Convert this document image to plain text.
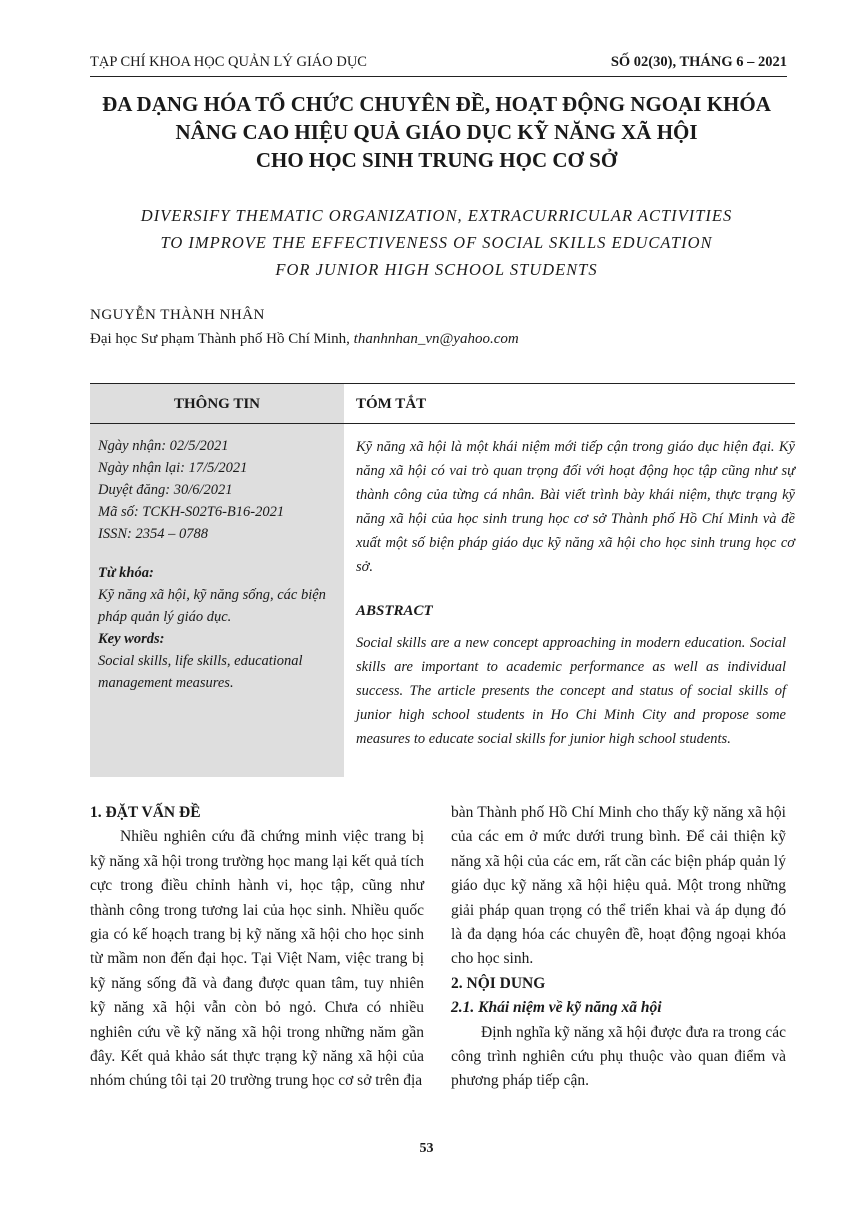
TẠP CHÍ KHOA HỌC QUẢN LÝ GIÁO DỤC	SỐ 02(30), THÁNG 6 – 2021
ĐA DẠNG HÓA TỔ CHỨC CHUYÊN ĐỀ, HOẠT ĐỘNG NGOẠI KHÓA
NÂNG CAO HIỆU QUẢ GIÁO DỤC KỸ NĂNG XÃ HỘI
CHO HỌC SINH TRUNG HỌC CƠ SỞ
DIVERSIFY THEMATIC ORGANIZATION, EXTRACURRICULAR ACTIVITIES
TO IMPROVE THE EFFECTIVENESS OF SOCIAL SKILLS EDUCATION
FOR JUNIOR HIGH SCHOOL STUDENTS
NGUYỄN THÀNH NHÂN
Đại học Sư phạm Thành phố Hồ Chí Minh, thanhnhan_vn@yahoo.com
THÔNG TIN	TÓM TẮT
Ngày nhận: 02/5/2021
Ngày nhận lại: 17/5/2021
Duyệt đăng: 30/6/2021
Mã số: TCKH-S02T6-B16-2021
ISSN: 2354 – 0788
Từ khóa:
Kỹ năng xã hội, kỹ năng sống, các biện pháp quản lý giáo dục.
Key words:
Social skills, life skills, educational management measures.
Kỹ năng xã hội là một khái niệm mới tiếp cận trong giáo dục hiện đại. Kỹ năng xã hội có vai trò quan trọng đối với hoạt động học tập cũng như sự thành công của từng cá nhân. Bài viết trình bày khái niệm, thực trạng kỹ năng xã hội của học sinh trung học cơ sở Thành phố Hồ Chí Minh và đề xuất một số biện pháp giáo dục kỹ năng xã hội cho học sinh trung học cơ sở.
ABSTRACT
Social skills are a new concept approaching in modern education. Social skills are important to academic performance as well as individual success. The article presents the concept and status of social skills of junior high school students in Ho Chi Minh City and propose some measures to educate social skills for junior high school students.

1. ĐẶT VẤN ĐỀ

Nhiều nghiên cứu đã chứng minh việc trang bị kỹ năng xã hội trong trường học mang lại kết quả tích cực trong điều chỉnh hành vi, học tập, cũng như thành công trong tương lai của học sinh. Nhiều quốc gia có kế hoạch trang bị kỹ năng xã hội cho học sinh từ mầm non đến đại học. Tại Việt Nam, việc trang bị kỹ năng sống đã và đang được quan tâm, tuy nhiên kỹ năng xã hội vẫn còn bỏ ngỏ. Chưa có nhiều nghiên cứu về kỹ năng xã hội trong những năm gần đây. Kết quả khảo sát thực trạng kỹ năng xã hội của nhóm chúng tôi tại 20 trường trung học cơ sở trên địa

bàn Thành phố Hồ Chí Minh cho thấy kỹ năng xã hội của các em ở mức dưới trung bình. Để cải thiện kỹ năng xã hội của các em, rất cần các biện pháp quản lý giáo dục kỹ năng xã hội hiệu quả. Một trong những giải pháp quan trọng có thể triển khai và áp dụng đó là đa dạng hóa các chuyên đề, hoạt động ngoại khóa cho học sinh.

2. NỘI DUNG

2.1. Khái niệm về kỹ năng xã hội

Định nghĩa kỹ năng xã hội được đưa ra trong các công trình nghiên cứu phụ thuộc vào quan điểm và phương pháp tiếp cận.

53
